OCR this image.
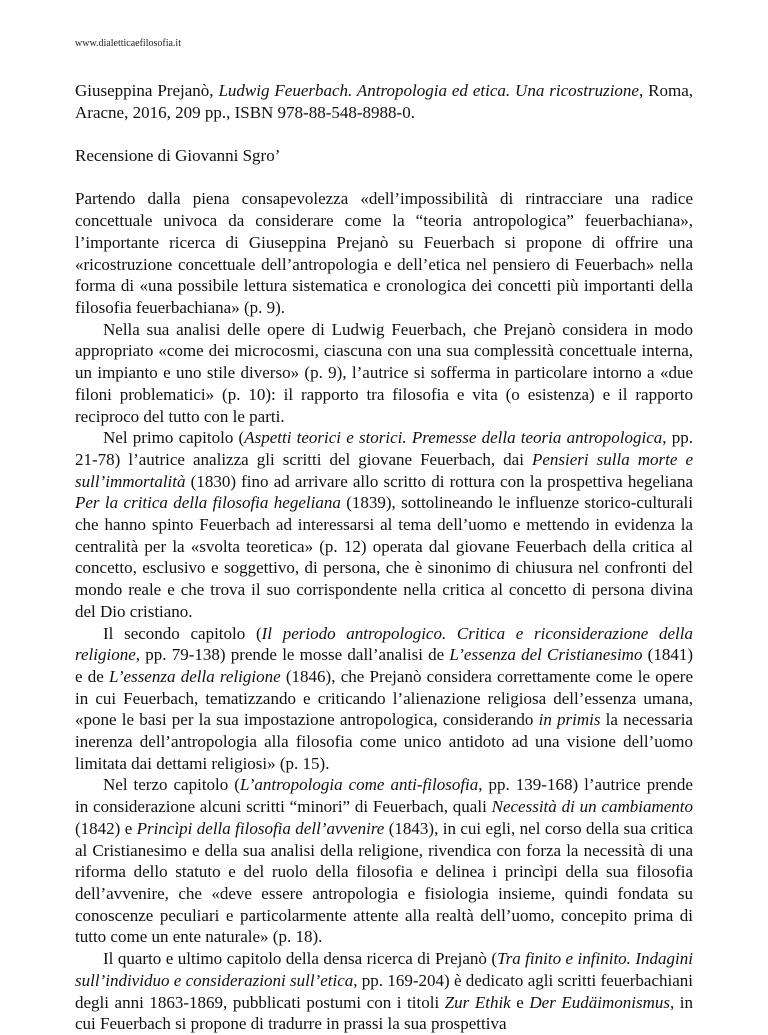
www.dialetticaefilosofia.it

Giuseppina Prejanò, Ludwig Feuerbach. Antropologia ed etica. Una ricostruzione, Roma, Aracne, 2016, 209 pp., ISBN 978-88-548-8988-0.

Recensione di Giovanni Sgro’

Partendo dalla piena consapevolezza «dell’impossibilità di rintracciare una radice concettuale univoca da considerare come la “teoria antropologica” feuerbachiana», l’importante ricerca di Giuseppina Prejanò su Feuerbach si propone di offrire una «ricostruzione concettuale dell’antropologia e dell’etica nel pensiero di Feuerbach» nella forma di «una possibile lettura sistematica e cronologica dei concetti più importanti della filosofia feuerbachiana» (p. 9).

Nella sua analisi delle opere di Ludwig Feuerbach, che Prejanò considera in modo appropriato «come dei microcosmi, ciascuna con una sua complessità concettuale interna, un impianto e uno stile diverso» (p. 9), l’autrice si sofferma in particolare intorno a «due filoni problematici» (p. 10): il rapporto tra filosofia e vita (o esistenza) e il rapporto reciproco del tutto con le parti.

Nel primo capitolo (Aspetti teorici e storici. Premesse della teoria antropologica, pp. 21-78) l’autrice analizza gli scritti del giovane Feuerbach, dai Pensieri sulla morte e sull’immortalità (1830) fino ad arrivare allo scritto di rottura con la prospettiva hegeliana Per la critica della filosofia hegeliana (1839), sottolineando le influenze storico-culturali che hanno spinto Feuerbach ad interessarsi al tema dell’uomo e mettendo in evidenza la centralità per la «svolta teoretica» (p. 12) operata dal giovane Feuerbach della critica al concetto, esclusivo e soggettivo, di persona, che è sinonimo di chiusura nel confronti del mondo reale e che trova il suo corrispondente nella critica al concetto di persona divina del Dio cristiano.

Il secondo capitolo (Il periodo antropologico. Critica e riconsiderazione della religione, pp. 79-138) prende le mosse dall’analisi de L’essenza del Cristianesimo (1841) e de L’essenza della religione (1846), che Prejanò considera correttamente come le opere in cui Feuerbach, tematizzando e criticando l’alienazione religiosa dell’essenza umana, «pone le basi per la sua impostazione antropologica, considerando in primis la necessaria inerenza dell’antropologia alla filosofia come unico antidoto ad una visione dell’uomo limitata dai dettami religiosi» (p. 15).

Nel terzo capitolo (L’antropologia come anti-filosofia, pp. 139-168) l’autrice prende in considerazione alcuni scritti “minori” di Feuerbach, quali Necessità di un cambiamento (1842) e Princìpi della filosofia dell’avvenire (1843), in cui egli, nel corso della sua critica al Cristianesimo e della sua analisi della religione, rivendica con forza la necessità di una riforma dello statuto e del ruolo della filosofia e delinea i princìpi della sua filosofia dell’avvenire, che «deve essere antropologia e fisiologia insieme, quindi fondata su conoscenze peculiari e particolarmente attente alla realtà dell’uomo, concepito prima di tutto come un ente naturale» (p. 18).

Il quarto e ultimo capitolo della densa ricerca di Prejanò (Tra finito e infinito. Indagini sull’individuo e considerazioni sull’etica, pp. 169-204) è dedicato agli scritti feuerbachiani degli anni 1863-1869, pubblicati postumi con i titoli Zur Ethik e Der Eudäimonismus, in cui Feuerbach si propone di tradurre in prassi la sua prospettiva
